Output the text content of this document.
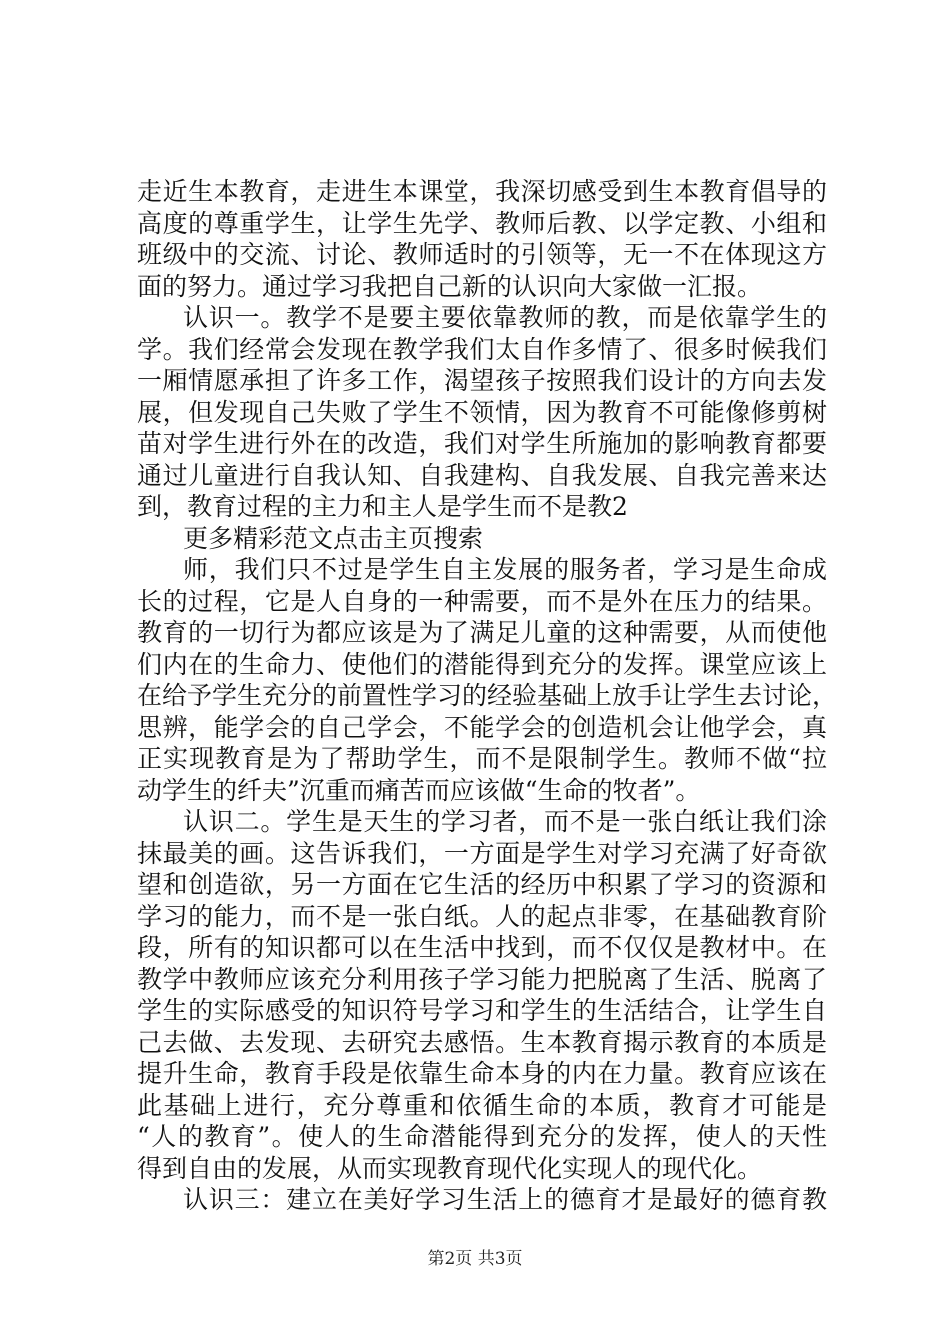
走近生本教育，走进生本课堂，我深切感受到生本教育倡导的
高度的尊重学生，让学生先学、教师后教、以学定教、小组和
班级中的交流、讨论、教师适时的引领等，无一不在体现这方
面的努力。通过学习我把自己新的认识向大家做一汇报。
认识一。教学不是要主要依靠教师的教，而是依靠学生的
学。我们经常会发现在教学我们太自作多情了、很多时候我们
一厢情愿承担了许多工作，渴望孩子按照我们设计的方向去发
展，但发现自己失败了学生不领情，因为教育不可能像修剪树
苗对学生进行外在的改造，我们对学生所施加的影响教育都要
通过儿童进行自我认知、自我建构、自我发展、自我完善来达
到，教育过程的主力和主人是学生而不是教2
更多精彩范文点击主页搜索
师，我们只不过是学生自主发展的服务者，学习是生命成
长的过程，它是人自身的一种需要，而不是外在压力的结果。
教育的一切行为都应该是为了满足儿童的这种需要，从而使他
们内在的生命力、使他们的潜能得到充分的发挥。课堂应该上
在给予学生充分的前置性学习的经验基础上放手让学生去讨论，
思辨，能学会的自己学会，不能学会的创造机会让他学会，真
正实现教育是为了帮助学生，而不是限制学生。教师不做“拉
动学生的纤夫”沉重而痛苦而应该做“生命的牧者”。
认识二。学生是天生的学习者，而不是一张白纸让我们涂
抹最美的画。这告诉我们，一方面是学生对学习充满了好奇欲
望和创造欲，另一方面在它生活的经历中积累了学习的资源和
学习的能力，而不是一张白纸。人的起点非零，在基础教育阶
段，所有的知识都可以在生活中找到，而不仅仅是教材中。在
教学中教师应该充分利用孩子学习能力把脱离了生活、脱离了
学生的实际感受的知识符号学习和学生的生活结合，让学生自
己去做、去发现、去研究去感悟。生本教育揭示教育的本质是
提升生命，教育手段是依靠生命本身的内在力量。教育应该在
此基础上进行，充分尊重和依循生命的本质，教育才可能是
“人的教育”。使人的生命潜能得到充分的发挥，使人的天性
得到自由的发展，从而实现教育现代化实现人的现代化。
认识三：建立在美好学习生活上的德育才是最好的德育教
第2页 共3页
